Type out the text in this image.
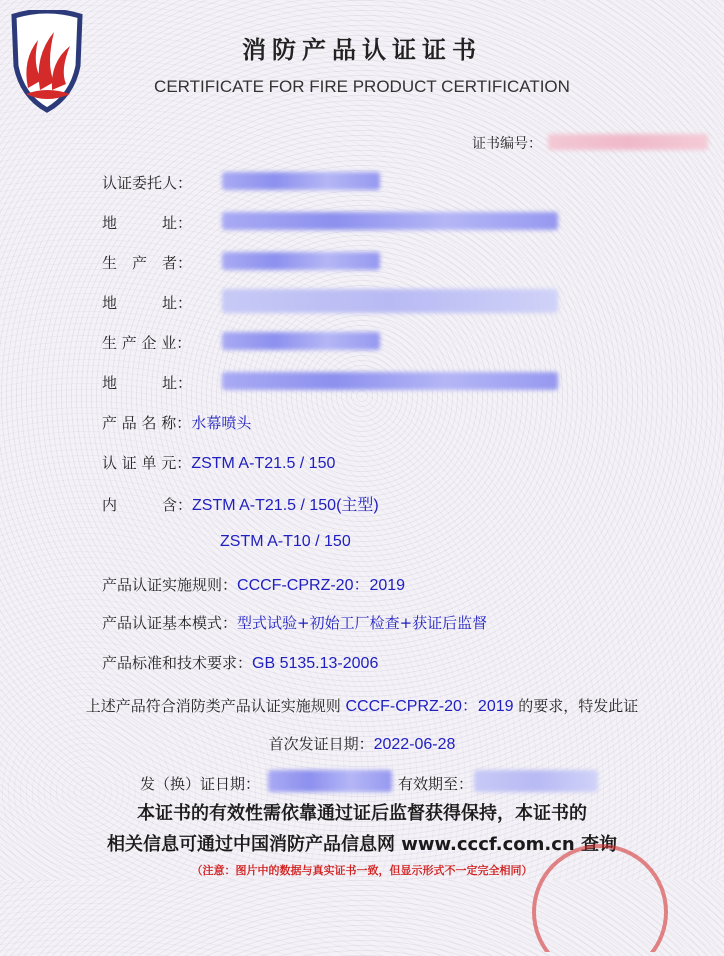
消防产品认证证书
CERTIFICATE FOR FIRE PRODUCT CERTIFICATION
证书编号：
认证委托人：
地　　　址：
生　产　者：
地　　　址：
生 产 企 业：
地　　　址：
产 品 名 称：水幕喷头
认 证 单 元：ZSTM A-T21.5 / 150
内　　　含：ZSTM A-T21.5 / 150(主型)
ZSTM A-T10 / 150
产品认证实施规则：CCCF-CPRZ-20：2019
产品认证基本模式：型式试验+初始工厂检查+获证后监督
产品标准和技术要求：GB 5135.13-2006
上述产品符合消防类产品认证实施规则 CCCF-CPRZ-20：2019 的要求，特发此证
首次发证日期：2022-06-28
发（换）证日期：	有效期至：
本证书的有效性需依靠通过证后监督获得保持，本证书的
相关信息可通过中国消防产品信息网 www.cccf.com.cn 查询
（注意：图片中的数据与真实证书一致，但显示形式不一定完全相同）
